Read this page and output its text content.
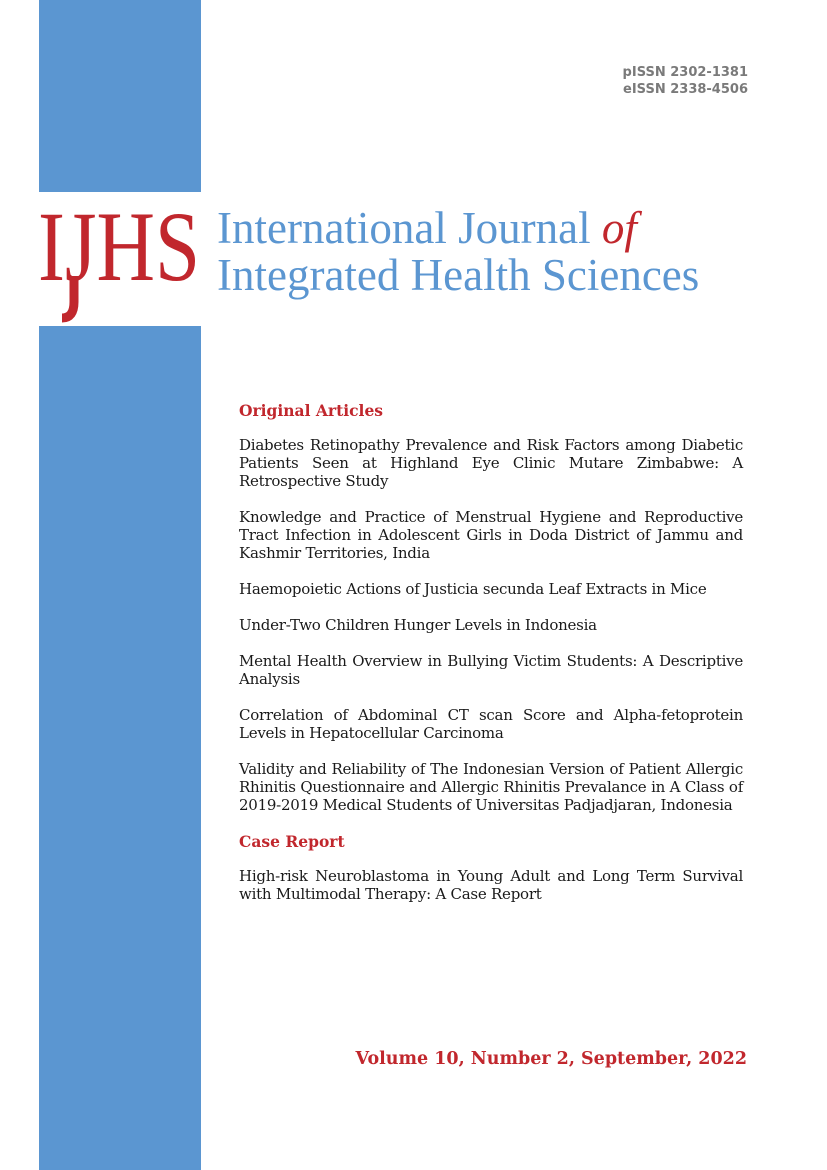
pISSN 2302-1381
eISSN 2338-4506
IJHS International Journal of
Integrated Health Sciences
Original Articles
Diabetes Retinopathy Prevalence and Risk Factors among Diabetic Patients Seen at Highland Eye Clinic Mutare Zimbabwe: A Retrospective Study
Knowledge and Practice of Menstrual Hygiene and Reproductive Tract Infection in Adolescent Girls in Doda District of Jammu and Kashmir Territories, India
Haemopoietic Actions of Justicia secunda Leaf Extracts in Mice
Under-Two Children Hunger Levels in Indonesia
Mental Health Overview in Bullying Victim Students: A Descriptive Analysis
Correlation of Abdominal CT scan Score and Alpha-fetoprotein Levels in Hepatocellular Carcinoma
Validity and Reliability of The Indonesian Version of Patient Allergic Rhinitis Questionnaire and Allergic Rhinitis Prevalance in A Class of 2019-2019 Medical Students of Universitas Padjadjaran, Indonesia
Case Report
High-risk Neuroblastoma in Young Adult and Long Term Survival with Multimodal Therapy: A Case Report
Volume 10, Number 2, September, 2022
